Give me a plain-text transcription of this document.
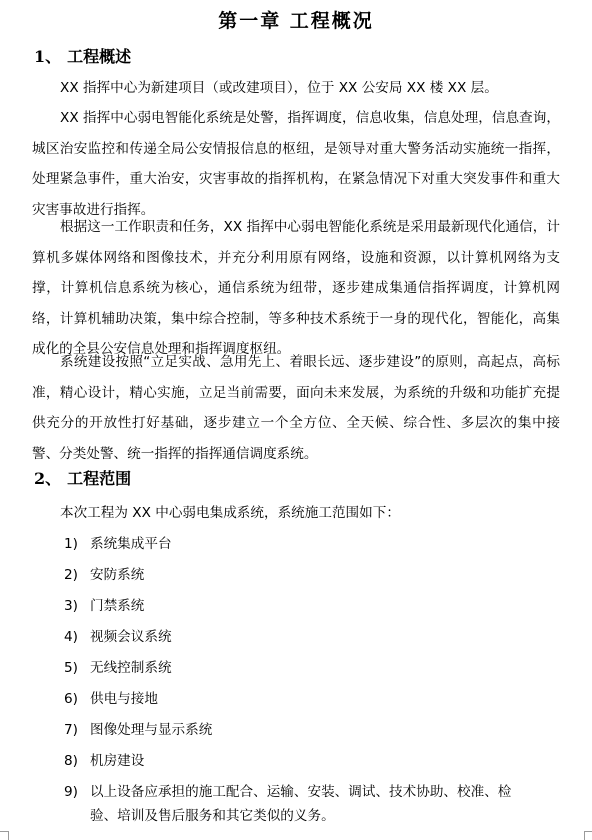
第一章 工程概况
1、 工程概述

XX 指挥中心为新建项目（或改建项目），位于 XX 公安局 XX 楼 XX 层。

XX 指挥中心弱电智能化系统是处警，指挥调度，信息收集，信息处理，信息查询，城区治安监控和传递全局公安情报信息的枢纽，是领导对重大警务活动实施统一指挥，处理紧急事件，重大治安，灾害事故的指挥机构，在紧急情况下对重大突发事件和重大灾害事故进行指挥。

根据这一工作职责和任务，XX 指挥中心弱电智能化系统是采用最新现代化通信，计算机多媒体网络和图像技术，并充分利用原有网络，设施和资源，以计算机网络为支撑，计算机信息系统为核心，通信系统为纽带，逐步建成集通信指挥调度，计算机网络，计算机辅助决策，集中综合控制，等多种技术系统于一身的现代化，智能化，高集成化的全县公安信息处理和指挥调度枢纽。

系统建设按照“立足实战、急用先上、着眼长远、逐步建设”的原则，高起点，高标准，精心设计，精心实施，立足当前需要，面向未来发展，为系统的升级和功能扩充提供充分的开放性打好基础，逐步建立一个全方位、全天候、综合性、多层次的集中接警、分类处警、统一指挥的指挥通信调度系统。

2、 工程范围

本次工程为 XX 中心弱电集成系统，系统施工范围如下：

1) 系统集成平台
2) 安防系统
3) 门禁系统
4) 视频会议系统
5) 无线控制系统
6) 供电与接地
7) 图像处理与显示系统
8) 机房建设
9) 以上设备应承担的施工配合、运输、安装、调试、技术协助、校准、检验、培训及售后服务和其它类似的义务。
